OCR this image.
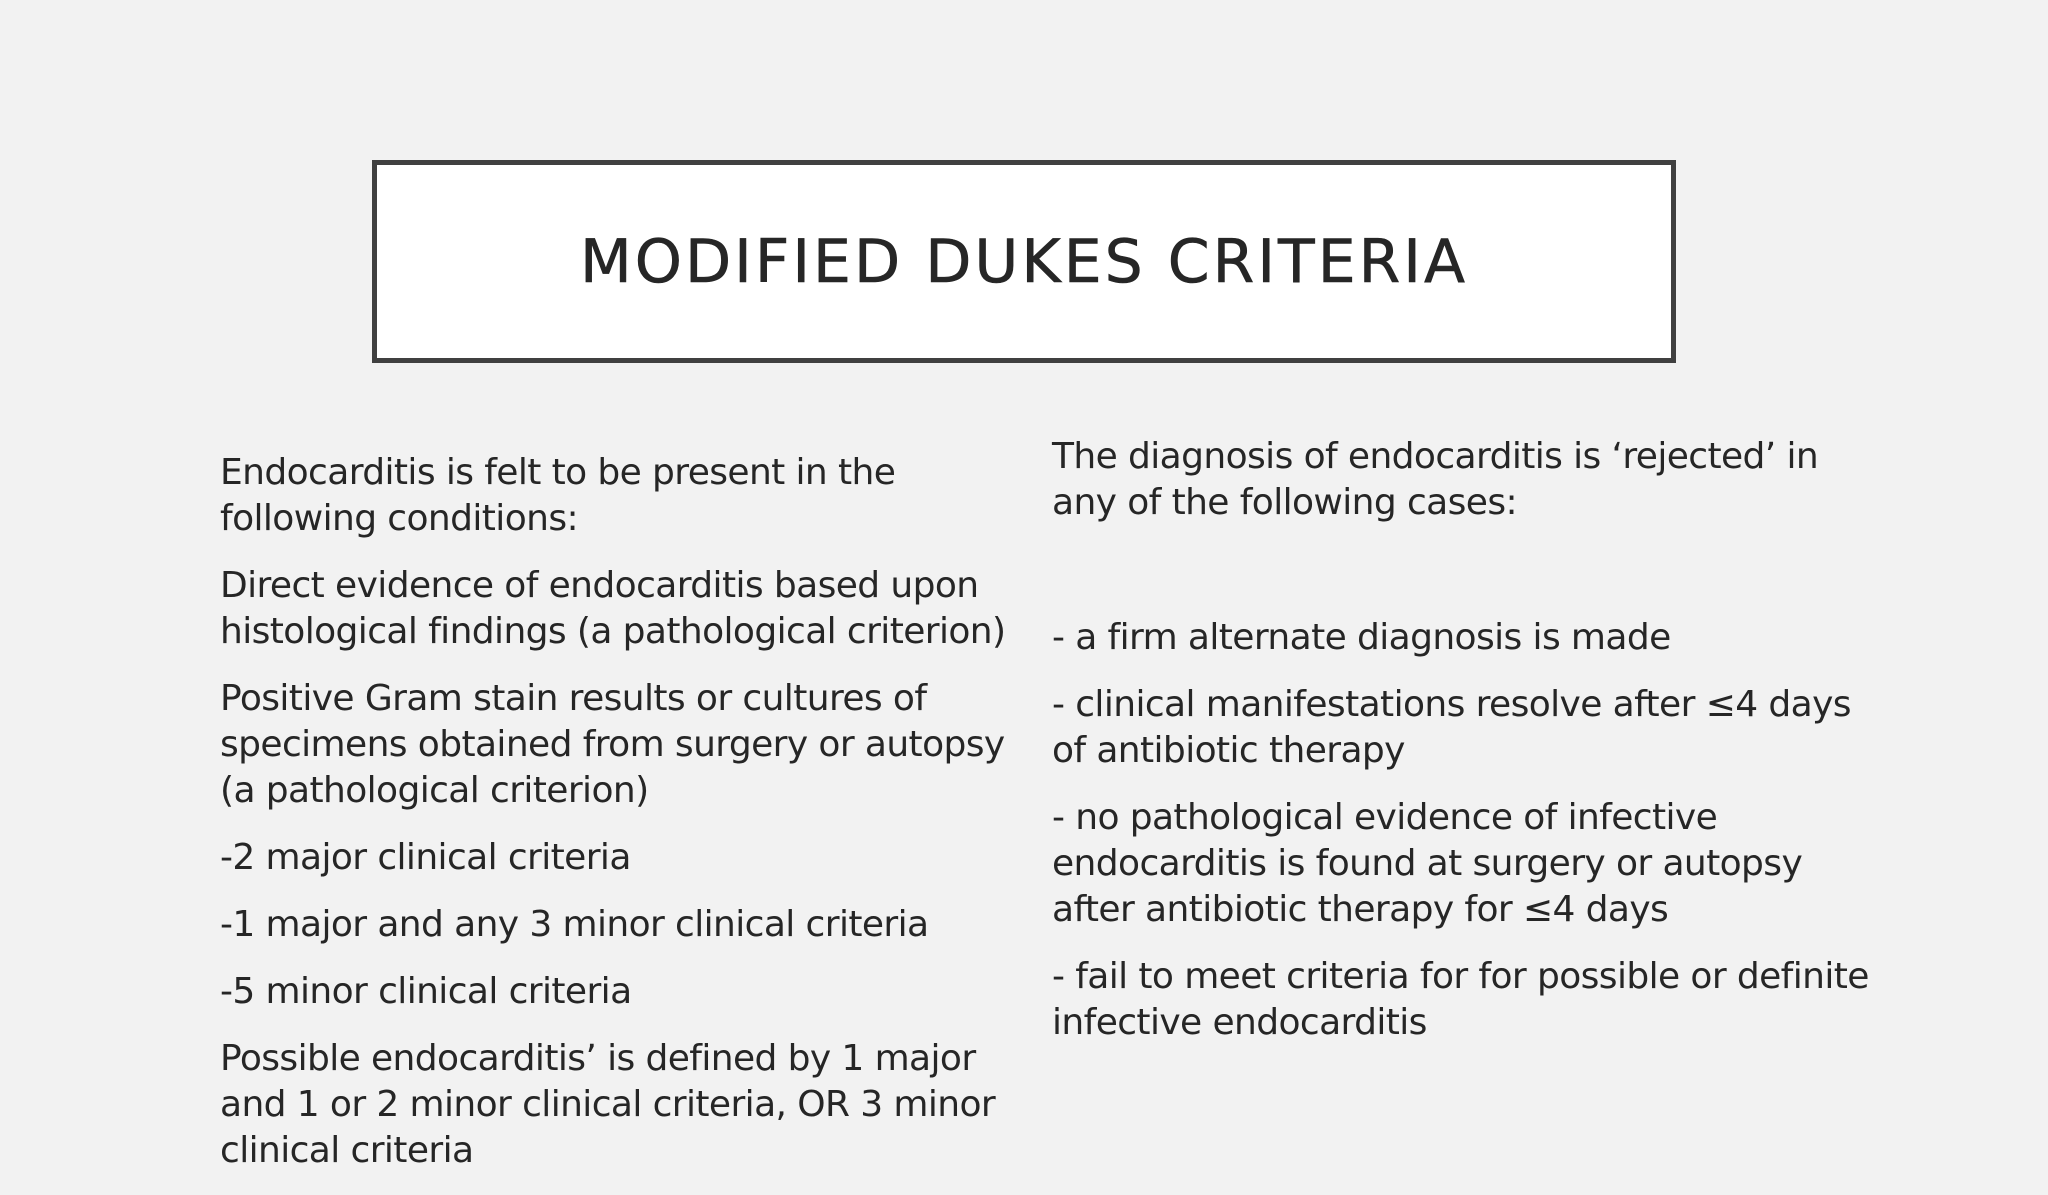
MODIFIED DUKES CRITERIA

Endocarditis is felt to be present in the following conditions:

Direct evidence of endocarditis based upon histological findings (a pathological criterion)

Positive Gram stain results or cultures of specimens obtained from surgery or autopsy (a pathological criterion)

-2 major clinical criteria

-1 major and any 3 minor clinical criteria

-5 minor clinical criteria

Possible endocarditis’ is defined by 1 major and 1 or 2 minor clinical criteria, OR 3 minor clinical criteria

The diagnosis of endocarditis is ‘rejected’ in any of the following cases:

- a firm alternate diagnosis is made

- clinical manifestations resolve after ≤4 days of antibiotic therapy

- no pathological evidence of infective endocarditis is found at surgery or autopsy after antibiotic therapy for ≤4 days

- fail to meet criteria for for possible or definite infective endocarditis
